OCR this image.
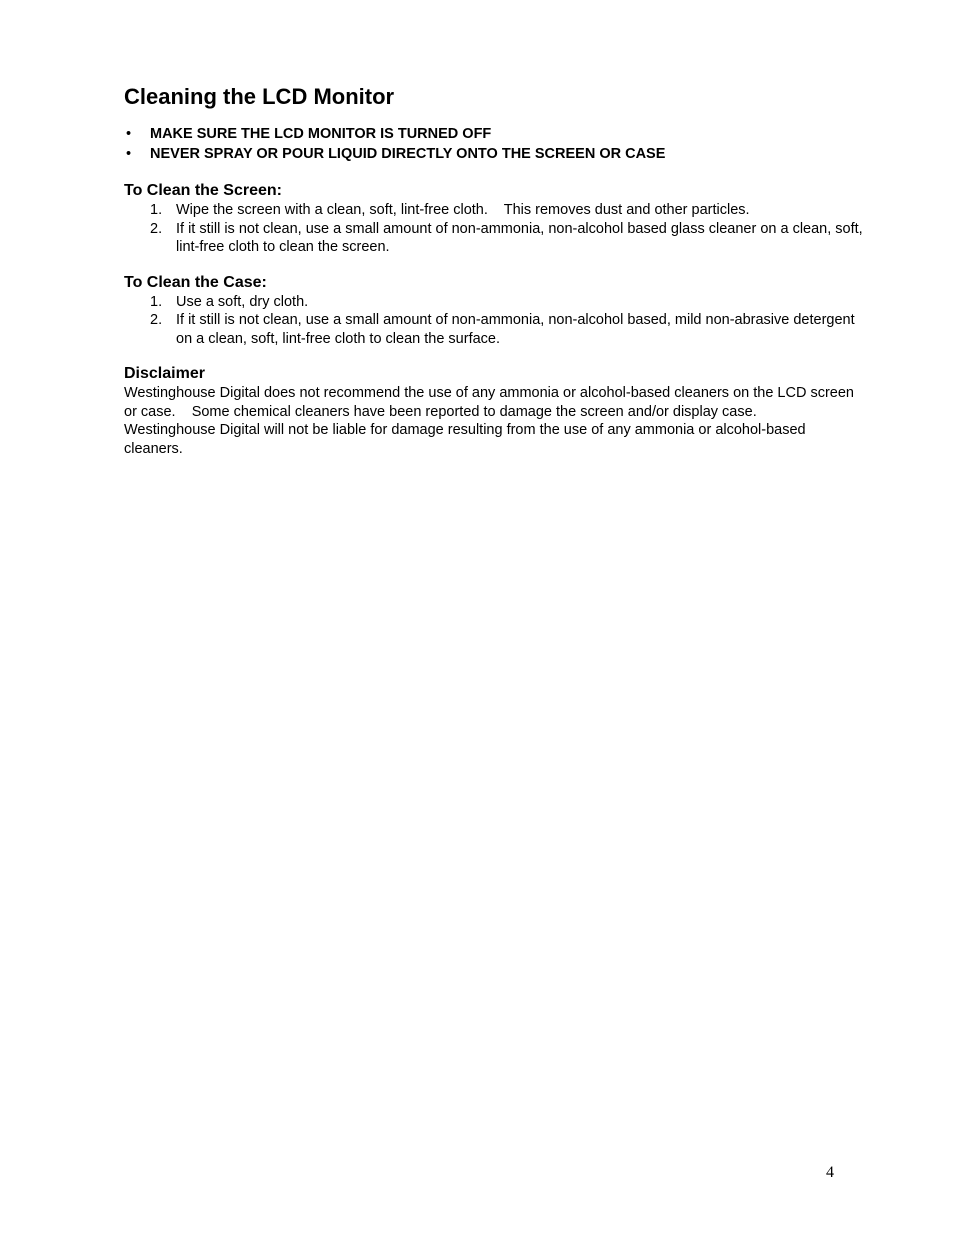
Cleaning the LCD Monitor
• MAKE SURE THE LCD MONITOR IS TURNED OFF
• NEVER SPRAY OR POUR LIQUID DIRECTLY ONTO THE SCREEN OR CASE
To Clean the Screen:
1. Wipe the screen with a clean, soft, lint-free cloth.    This removes dust and other particles.
2. If it still is not clean, use a small amount of non-ammonia, non-alcohol based glass cleaner on a clean, soft, lint-free cloth to clean the screen.
To Clean the Case:
1. Use a soft, dry cloth.
2. If it still is not clean, use a small amount of non-ammonia, non-alcohol based, mild non-abrasive detergent on a clean, soft, lint-free cloth to clean the surface.
Disclaimer

Westinghouse Digital does not recommend the use of any ammonia or alcohol-based cleaners on the LCD screen or case.    Some chemical cleaners have been reported to damage the screen and/or display case.    Westinghouse Digital will not be liable for damage resulting from the use of any ammonia or alcohol-based cleaners.

4
